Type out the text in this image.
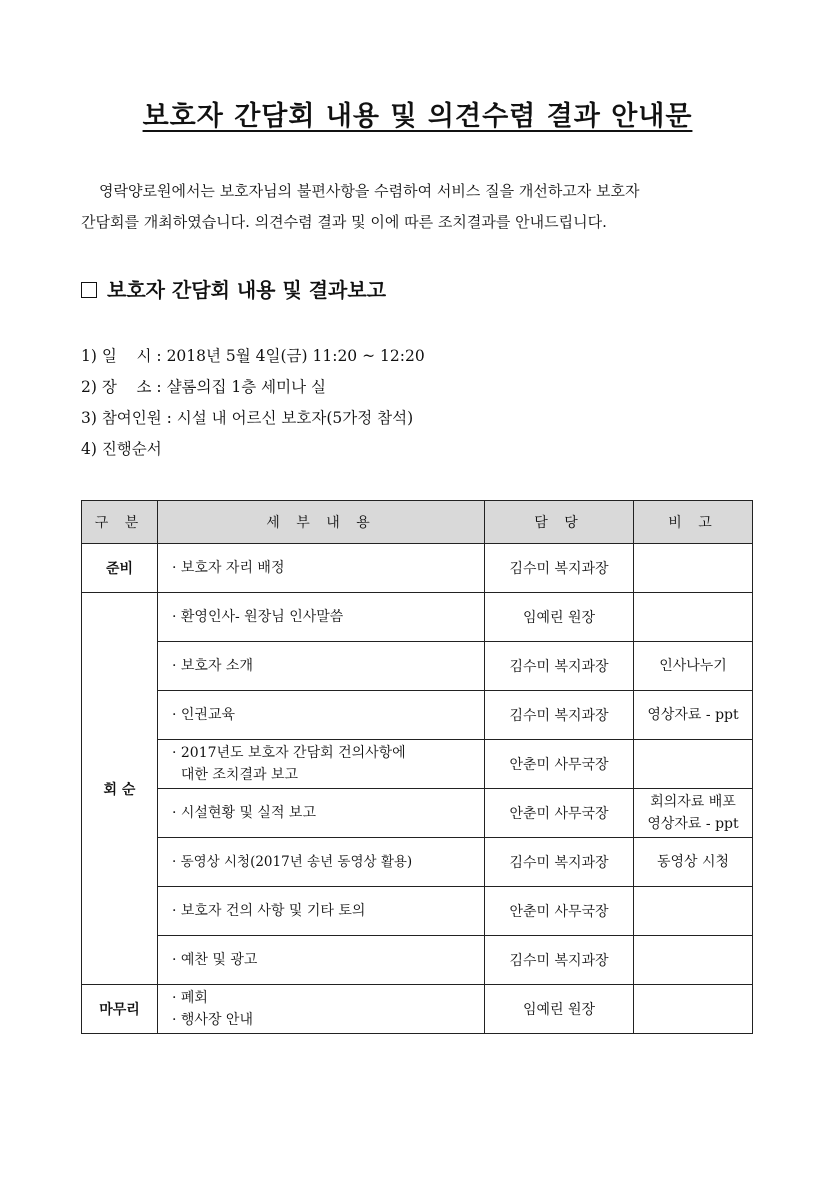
보호자 간담회 내용 및 의견수렴 결과 안내문

영락양로원에서는 보호자님의 불편사항을 수렴하여 서비스 질을 개선하고자 보호자

간담회를 개최하였습니다. 의견수렴 결과 및 이에 따른 조치결과를 안내드립니다.

보호자 간담회 내용 및 결과보고
1) 일    시 : 2018년 5월 4일(금) 11:20 ~ 12:20
2) 장    소 : 샬롬의집 1층 세미나 실
3) 참여인원 : 시설 내 어르신 보호자(5가정 참석)
4) 진행순서
구 분	세 부 내 용	담 당	비 고
준비	· 보호자 자리 배정	김수미 복지과장	
회 순	· 환영인사- 원장님 인사말씀	임예린 원장	
	· 보호자 소개	김수미 복지과장	인사나누기
	· 인권교육	김수미 복지과장	영상자료 - ppt

	· 2017년도 보호자 간담회 건의사항에
대한 조치결과 보고	안춘미 사무국장	
	· 시설현황 및 실적 보고	안춘미 사무국장	회의자료 배포
영상자료 - ppt

	· 동영상 시청(2017년 송년 동영상 활용)	김수미 복지과장	동영상 시청
	· 보호자 건의 사항 및 기타 토의	안춘미 사무국장	
	· 예찬 및 광고	김수미 복지과장	
마무리	· 폐회
· 행사장 안내	임예린 원장	
